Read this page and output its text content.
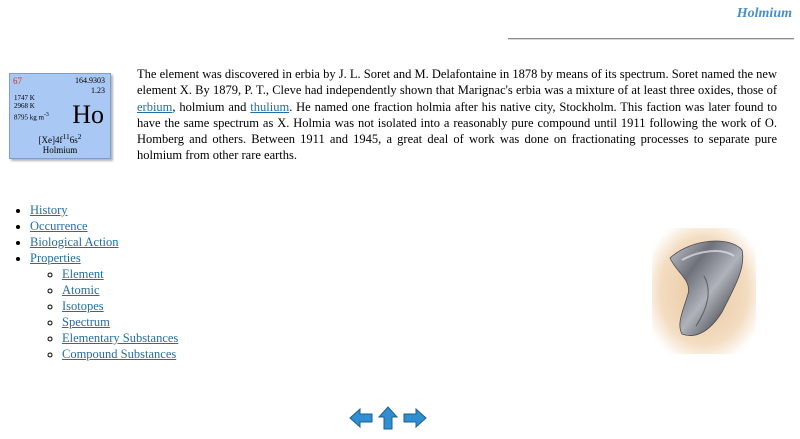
Holmium
67	164.9303
1.23
1747 K
2968 K
8795 kg $m^{-3}$ Ho
$[Xe]4f^{11}6s^2$
Holmium

The element was discovered in erbia by J. L. Soret and M. Delafontaine in 1878 by means of its spectrum. Soret named the new element X. By 1879, P. T., Cleve had independently shown that Marignac's erbia was a mixture of at least three oxides, those of erbium, holmium and thulium. He named one fraction holmia after his native city, Stockholm. This faction was later found to have the same spectrum as X. Holmia was not isolated into a reasonably pure compound until 1911 following the work of O. Homberg and others. Between 1911 and 1945, a great deal of work was done on fractionating processes to separate pure holmium from other rare earths.

• History
• Occurrence
• Biological Action
• Properties
◦ Element
◦ Atomic
◦ Isotopes
◦ Spectrum
◦ Elementary Substances
◦ Compound Substances
